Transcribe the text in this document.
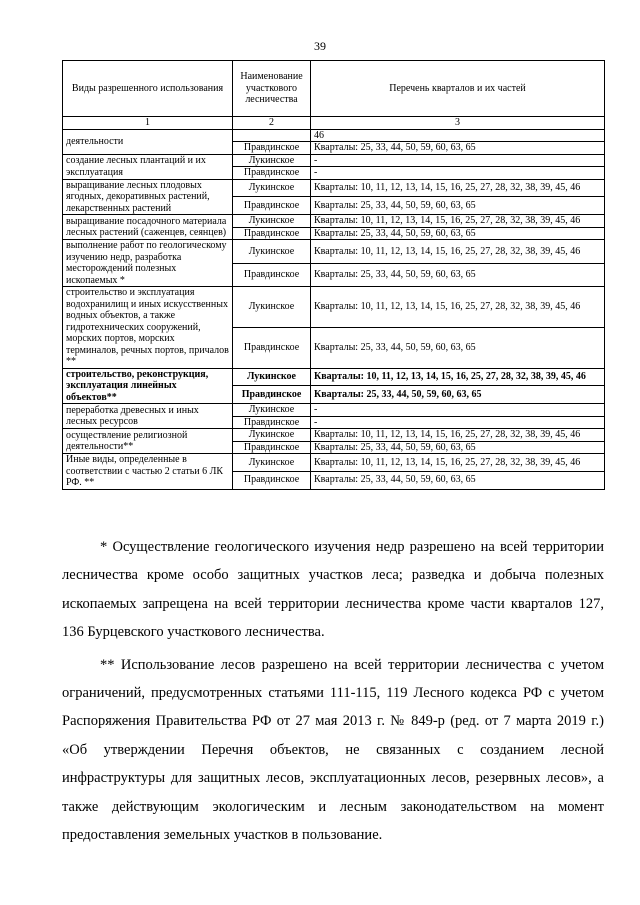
39
Виды разрешенного использования	Наименование участкового лесничества	Перечень кварталов и их частей
1	2	3
деятельности		46
	Правдинское	Кварталы: 25, 33, 44, 50, 59, 60, 63, 65
создание лесных плантаций и их эксплуатация	Лукинское	-
	Правдинское	-
выращивание лесных плодовых ягодных, декоративных растений, лекарственных растений	Лукинское	Кварталы: 10, 11, 12, 13, 14, 15, 16, 25, 27, 28, 32, 38, 39, 45, 46
	Правдинское	Кварталы: 25, 33, 44, 50, 59, 60, 63, 65
выращивание посадочного материала лесных растений (саженцев, сеянцев)	Лукинское	Кварталы: 10, 11, 12, 13, 14, 15, 16, 25, 27, 28, 32, 38, 39, 45, 46
	Правдинское	Кварталы: 25, 33, 44, 50, 59, 60, 63, 65
выполнение работ по геологическому изучению недр, разработка месторождений полезных ископаемых *	Лукинское	Кварталы: 10, 11, 12, 13, 14, 15, 16, 25, 27, 28, 32, 38, 39, 45, 46
	Правдинское	Кварталы: 25, 33, 44, 50, 59, 60, 63, 65
строительство и эксплуатация водохранилищ и иных искусственных водных объектов, а также гидротехнических сооружений, морских портов, морских терминалов, речных портов, причалов **	Лукинское	Кварталы: 10, 11, 12, 13, 14, 15, 16, 25, 27, 28, 32, 38, 39, 45, 46
	Правдинское	Кварталы: 25, 33, 44, 50, 59, 60, 63, 65
строительство, реконструкция, эксплуатация линейных объектов**	Лукинское	Кварталы: 10, 11, 12, 13, 14, 15, 16, 25, 27, 28, 32, 38, 39, 45, 46
	Правдинское	Кварталы: 25, 33, 44, 50, 59, 60, 63, 65
переработка древесных и иных лесных ресурсов	Лукинское	-
	Правдинское	-
осуществление религиозной деятельности**	Лукинское	Кварталы: 10, 11, 12, 13, 14, 15, 16, 25, 27, 28, 32, 38, 39, 45, 46
	Правдинское	Кварталы: 25, 33, 44, 50, 59, 60, 63, 65
Иные виды, определенные в соответствии с частью 2 статьи 6 ЛК РФ. **	Лукинское	Кварталы: 10, 11, 12, 13, 14, 15, 16, 25, 27, 28, 32, 38, 39, 45, 46
	Правдинское	Кварталы: 25, 33, 44, 50, 59, 60, 63, 65

* Осуществление геологического изучения недр разрешено на всей территории лесничества кроме особо защитных участков леса; разведка и добыча полезных ископаемых запрещена на всей территории лесничества кроме части кварталов 127, 136 Бурцевского участкового лесничества.

** Использование лесов разрешено на всей территории лесничества с учетом ограничений, предусмотренных статьями 111-115, 119 Лесного кодекса РФ с учетом Распоряжения Правительства РФ от 27 мая 2013 г. № 849-р (ред. от 7 марта 2019 г.) «Об утверждении Перечня объектов, не связанных с созданием лесной инфраструктуры для защитных лесов, эксплуатационных лесов, резервных лесов», а также действующим экологическим и лесным законодательством на момент предоставления земельных участков в пользование.
